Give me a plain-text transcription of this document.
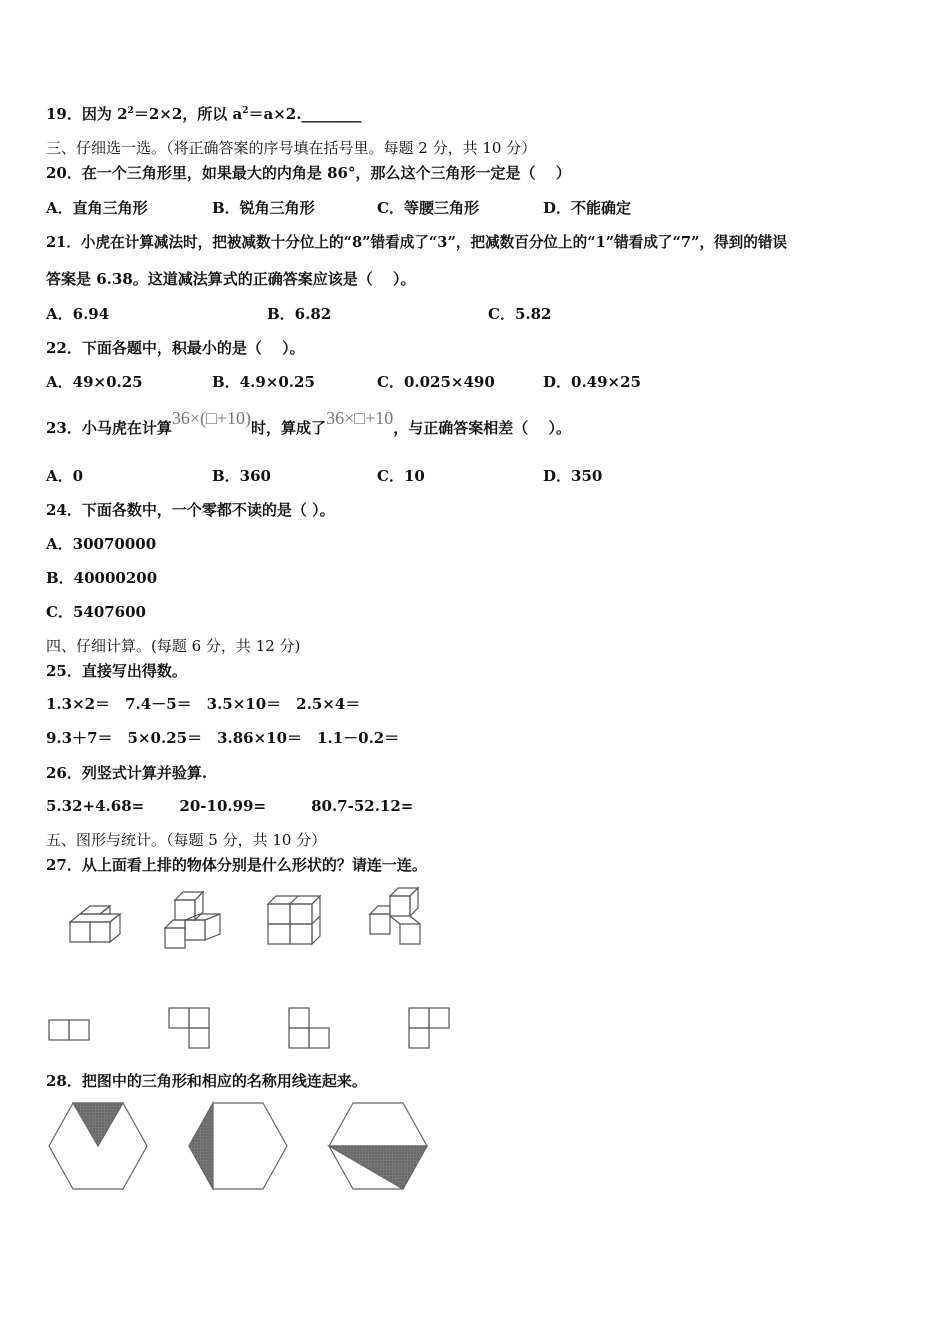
19．因为 $2^2=2\times 2$，所以 $a^2=a\times 2.\_\_\_\_\_\_\_\_$
三、仔细选一选。（将正确答案的序号填在括号里。每题 2 分，共 10 分）
20．在一个三角形里，如果最大的内角是 86°，那么这个三角形一定是（　 ）
A．直角三角形	B．锐角三角形	C．等腰三角形	D．不能确定
21．小虎在计算减法时，把被减数十分位上的“8”错看成了“3”，把减数百分位上的“1”错看成了“7”，得到的错误
答案是 6.38。这道减法算式的正确答案应该是（　 ）。
A．6.94	B．6.82	C．5.82
22．下面各题中，积最小的是（　 ）。
A．49×0.25	B．4.9×0.25	C．0.025×490	D．0.49×25
23．小马虎在计算36×(□+10)时，算成了36×□+10，与正确答案相差（　 ）。
A．0	B．360	C．10	D．350
24．下面各数中，一个零都不读的是（ ）。
A．30070000
B．40000200
C．5407600
四、仔细计算。(每题 6 分，共 12 分)
25．直接写出得数。
1.3×2＝　7.4－5＝　3.5×10＝　2.5×4＝
9.3＋7＝　5×0.25＝　3.86×10＝　1.1－0.2＝
26．列竖式计算并验算.
5.32+4.68=　　 20-10.99=　　　80.7-52.12=
五、图形与统计。（每题 5 分，共 10 分）
27．从上面看上排的物体分别是什么形状的？请连一连。
28．把图中的三角形和相应的名称用线连起来。
